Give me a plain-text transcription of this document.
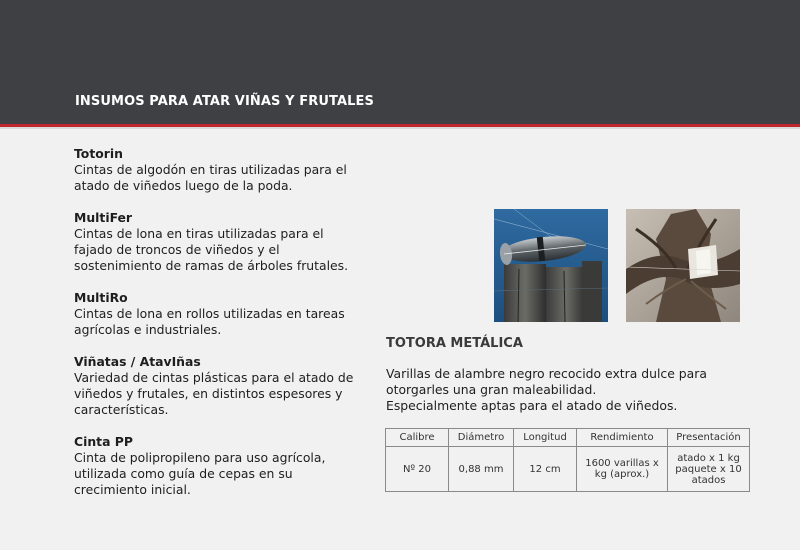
INSUMOS PARA ATAR VIÑAS Y FRUTALES
Totorin
Cintas de algodón en tiras utilizadas para el atado de viñedos luego de la poda.
MultiFer
Cintas de lona en tiras utilizadas para el fajado de troncos de viñedos y el sostenimiento de ramas de árboles frutales.
MultiRo
Cintas de lona en rollos utilizadas en tareas agrícolas e industriales.
Viñatas / AtavIñas
Variedad de cintas plásticas para el atado de viñedos y frutales, en distintos espesores y características.
Cinta PP
Cinta de polipropileno para uso agrícola, utilizada como guía de cepas en su crecimiento inicial.
TOTORA METÁLICA
Varillas de alambre negro recocido extra dulce para otorgarles una gran maleabilidad.
Especialmente aptas para el atado de viñedos.
Calibre	Diámetro	Longitud	Rendimiento	Presentación
Nº 20	0,88 mm	12 cm	1600 varillas x kg (aprox.)	atado x 1 kg paquete x 10 atados
